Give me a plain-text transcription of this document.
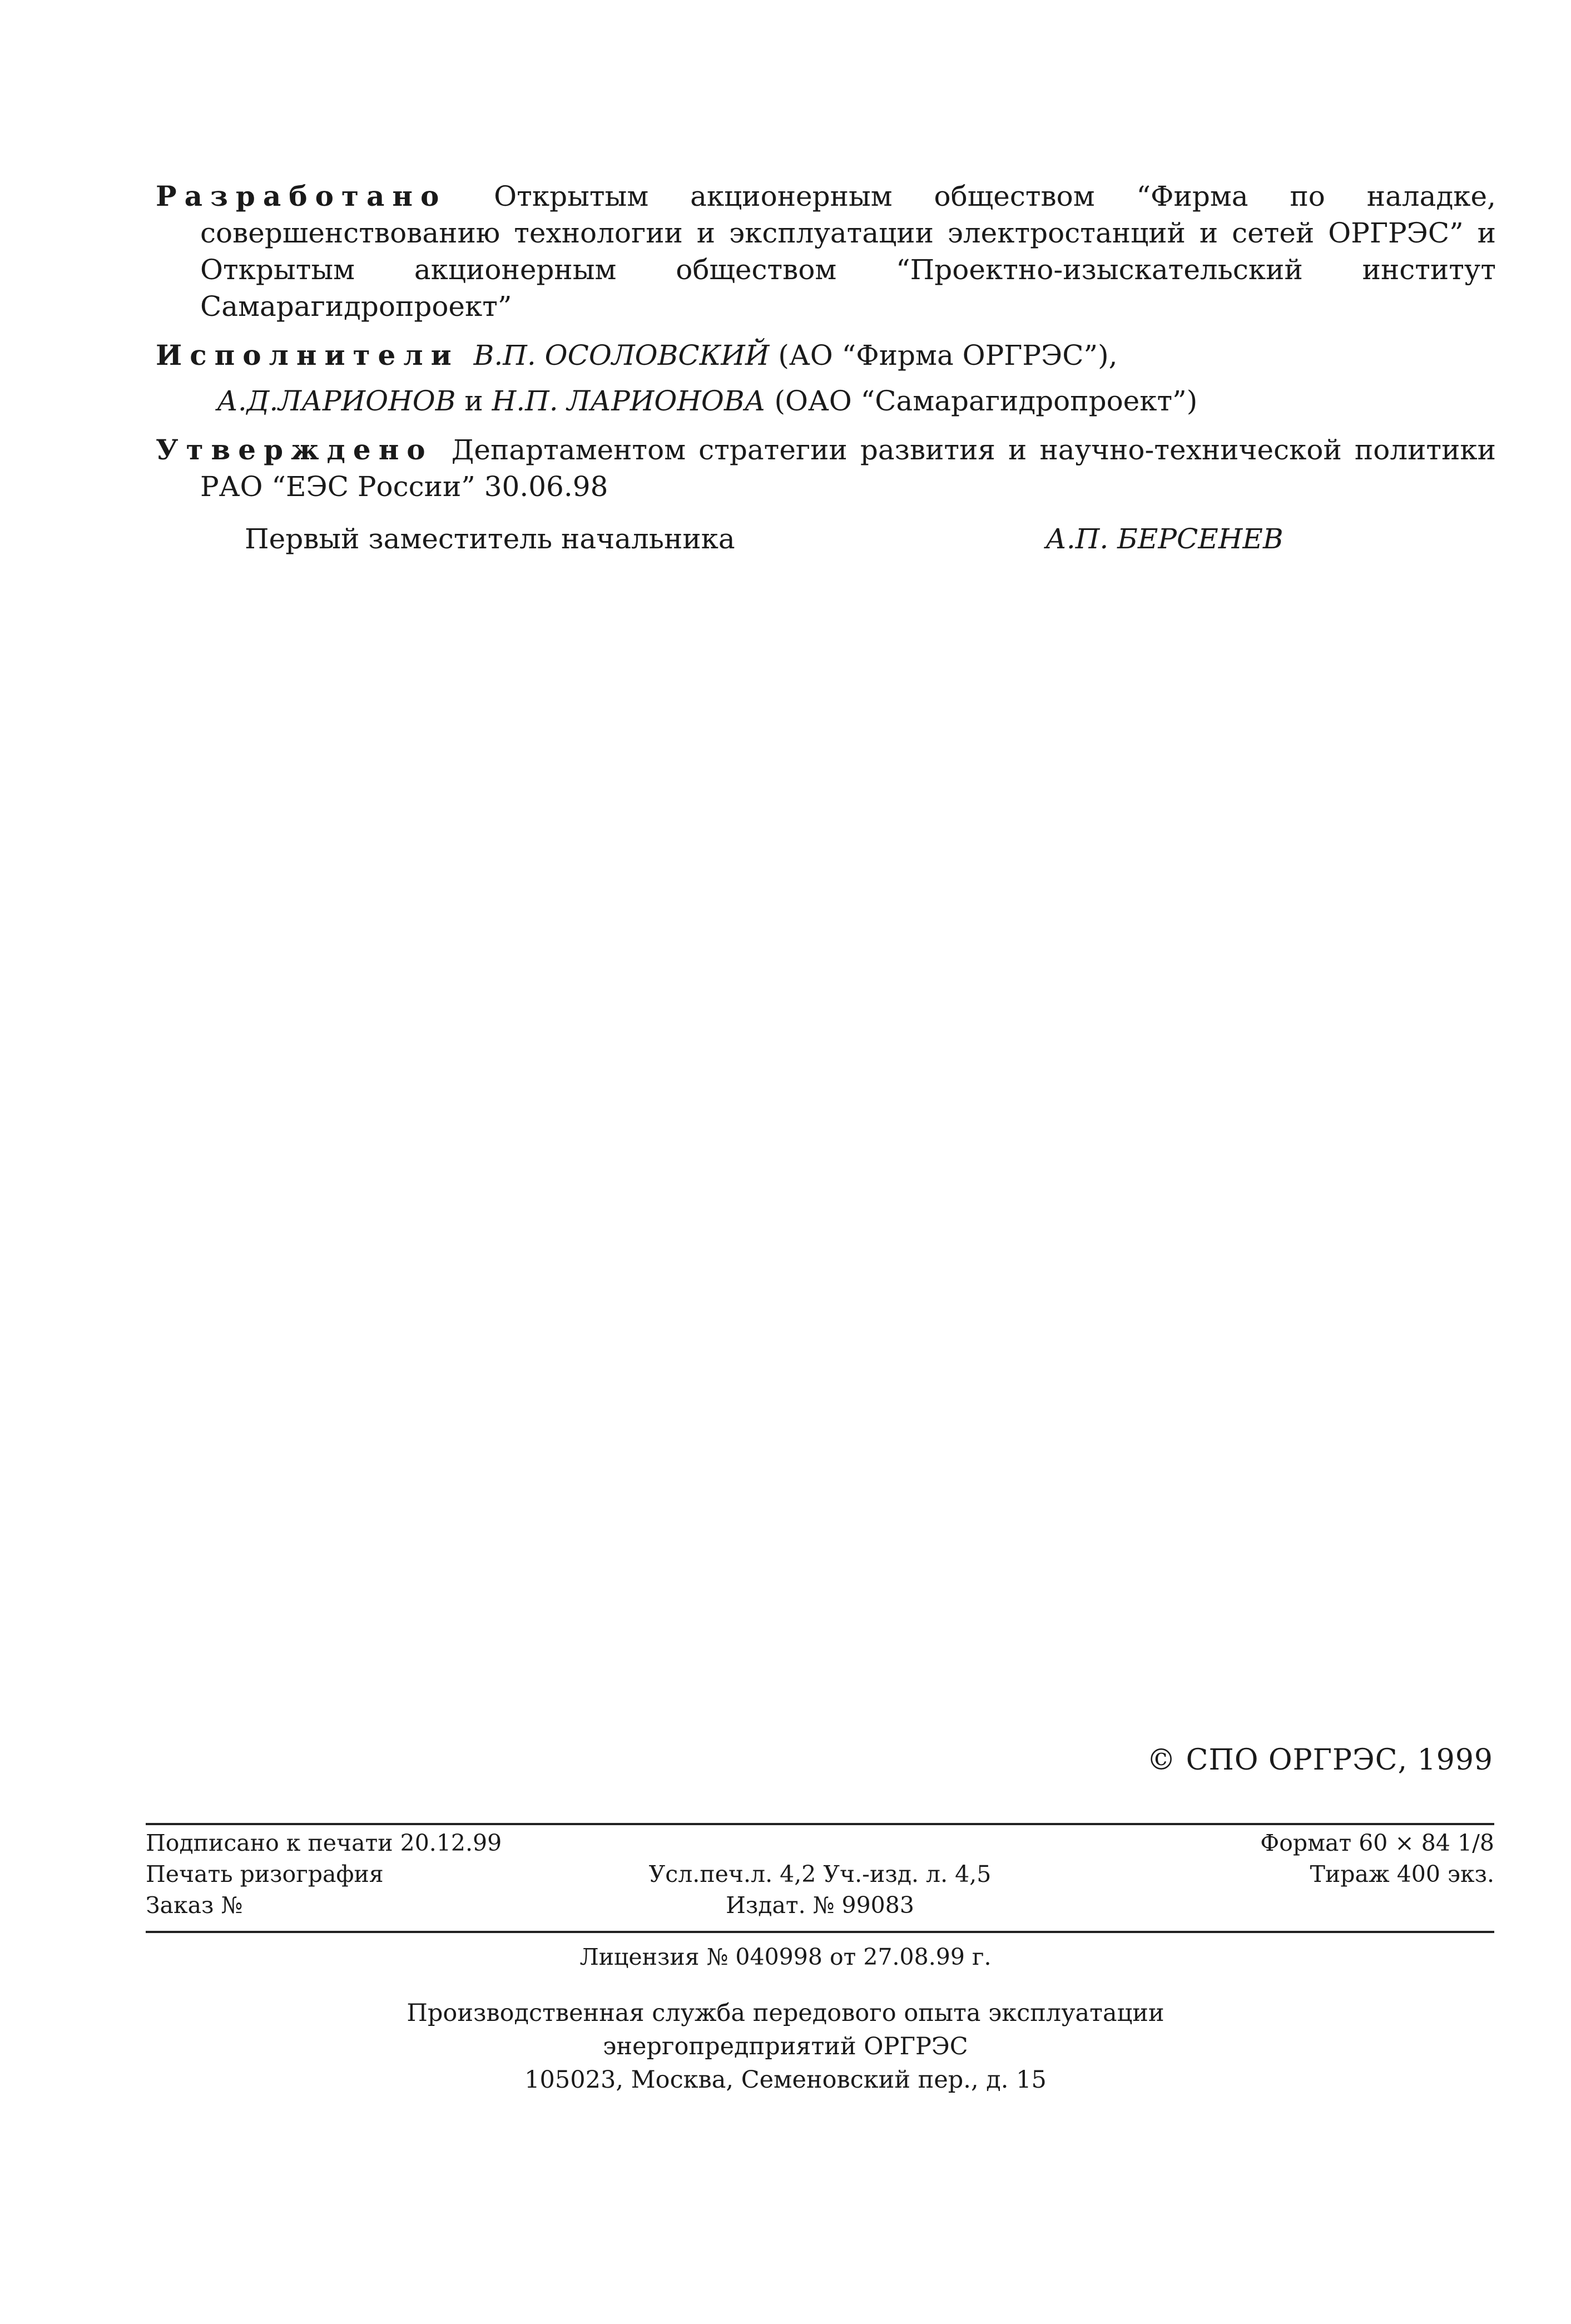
Разработано Открытым акционерным обществом “Фирма по наладке, совершенствованию технологии и эксплуатации электростанций и сетей ОРГРЭС” и Открытым акционерным обществом “Проектно-изыскательский институт Самарагидропроект”

Исполнители В.П. ОСОЛОВСКИЙ (АО “Фирма ОРГРЭС”),

А.Д.ЛАРИОНОВ и Н.П. ЛАРИОНОВА (ОАО “Самарагидропроект”)

Утверждено Департаментом стратегии развития и научно-технической политики РАО “ЕЭС России” 30.06.98

Первый заместитель начальника	А.П. БЕРСЕНЕВ
© СПО ОРГРЭС, 1999
Подписано к печати 20.12.99	Формат 60 × 84 1/8
Печать ризография	Усл.печ.л. 4,2 Уч.-изд. л. 4,5	Тираж 400 экз.
Заказ №	Издат. № 99083
Лицензия № 040998 от 27.08.99 г.
Производственная служба передового опыта эксплуатации
энергопредприятий ОРГРЭС
105023, Москва, Семеновский пер., д. 15
